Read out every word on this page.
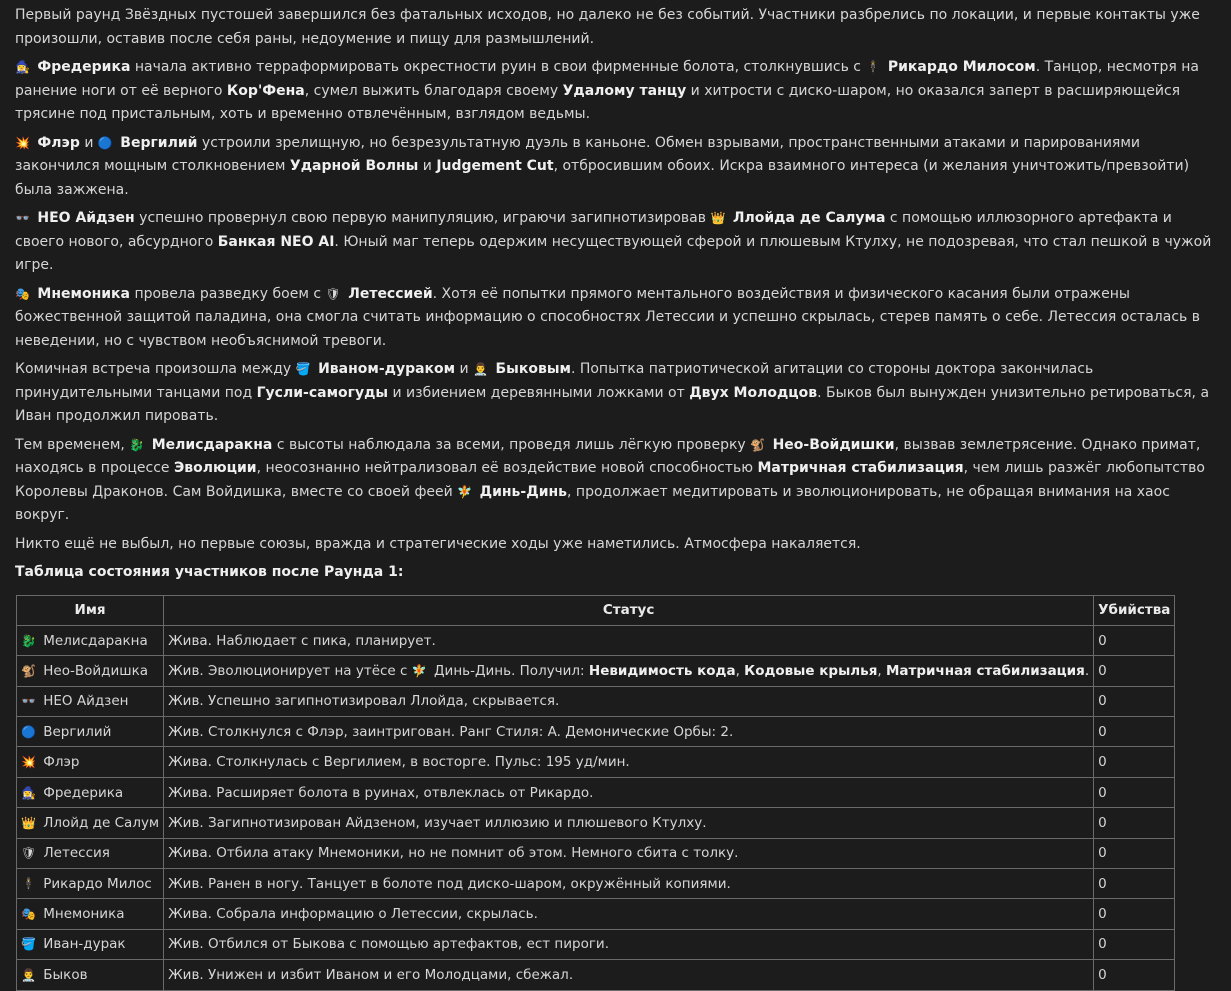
Первый раунд Звёздных пустошей завершился без фатальных исходов, но далеко не без событий. Участники разбрелись по локации, и первые контакты уже произошли, оставив после себя раны, недоумение и пищу для размышлений.

🧙‍♀️ Фредерика начала активно терраформировать окрестности руин в свои фирменные болота, столкнувшись с 🕴 Рикардо Милосом. Танцор, несмотря на ранение ноги от её верного Кор'Фена, сумел выжить благодаря своему Удалому танцу и хитрости с диско-шаром, но оказался заперт в расширяющейся трясине под пристальным, хоть и временно отвлечённым, взглядом ведьмы.

💥 Флэр и 🔵 Вергилий устроили зрелищную, но безрезультатную дуэль в каньоне. Обмен взрывами, пространственными атаками и парированиями закончился мощным столкновением Ударной Волны и Judgement Cut, отбросившим обоих. Искра взаимного интереса (и желания уничтожить/превзойти) была зажжена.

👓 НЕО Айдзен успешно провернул свою первую манипуляцию, играючи загипнотизировав 👑 Ллойда де Салума с помощью иллюзорного артефакта и своего нового, абсурдного Банкая NEO AI. Юный маг теперь одержим несуществующей сферой и плюшевым Ктулху, не подозревая, что стал пешкой в чужой игре.

🎭 Мнемоника провела разведку боем с 🛡 Летессией. Хотя её попытки прямого ментального воздействия и физического касания были отражены божественной защитой паладина, она смогла считать информацию о способностях Летессии и успешно скрылась, стерев память о себе. Летессия осталась в неведении, но с чувством необъяснимой тревоги.

Комичная встреча произошла между 🪣 Иваном-дураком и 👨‍⚕️ Быковым. Попытка патриотической агитации со стороны доктора закончилась принудительными танцами под Гусли-самогуды и избиением деревянными ложками от Двух Молодцов. Быков был вынужден унизительно ретироваться, а Иван продолжил пировать.

Тем временем, 🐉 Мелисдаракна с высоты наблюдала за всеми, проведя лишь лёгкую проверку 🐒 Нео-Войдишки, вызвав землетрясение. Однако примат, находясь в процессе Эволюции, неосознанно нейтрализовал её воздействие новой способностью Матричная стабилизация, чем лишь разжёг любопытство Королевы Драконов. Сам Войдишка, вместе со своей феей 🧚 Динь-Динь, продолжает медитировать и эволюционировать, не обращая внимания на хаос вокруг.

Никто ещё не выбыл, но первые союзы, вражда и стратегические ходы уже наметились. Атмосфера накаляется.

Таблица состояния участников после Раунда 1:

Имя	Статус	Убийства
🐉 Мелисдаракна	Жива. Наблюдает с пика, планирует.	0
🐒 Нео-Войдишка	Жив. Эволюционирует на утёсе с 🧚 Динь-Динь. Получил: Невидимость кода, Кодовые крылья, Матричная стабилизация.	0
👓 НЕО Айдзен	Жив. Успешно загипнотизировал Ллойда, скрывается.	0
🔵 Вергилий	Жив. Столкнулся с Флэр, заинтригован. Ранг Стиля: A. Демонические Орбы: 2.	0
💥 Флэр	Жива. Столкнулась с Вергилием, в восторге. Пульс: 195 уд/мин.	0
🧙‍♀️ Фредерика	Жива. Расширяет болота в руинах, отвлеклась от Рикардо.	0
👑 Ллойд де Салум	Жив. Загипнотизирован Айдзеном, изучает иллюзию и плюшевого Ктулху.	0
🛡 Летессия	Жива. Отбила атаку Мнемоники, но не помнит об этом. Немного сбита с толку.	0
🕴 Рикардо Милос	Жив. Ранен в ногу. Танцует в болоте под диско-шаром, окружённый копиями.	0
🎭 Мнемоника	Жива. Собрала информацию о Летессии, скрылась.	0
🪣 Иван-дурак	Жив. Отбился от Быкова с помощью артефактов, ест пироги.	0
👨‍⚕️ Быков	Жив. Унижен и избит Иваном и его Молодцами, сбежал.	0
